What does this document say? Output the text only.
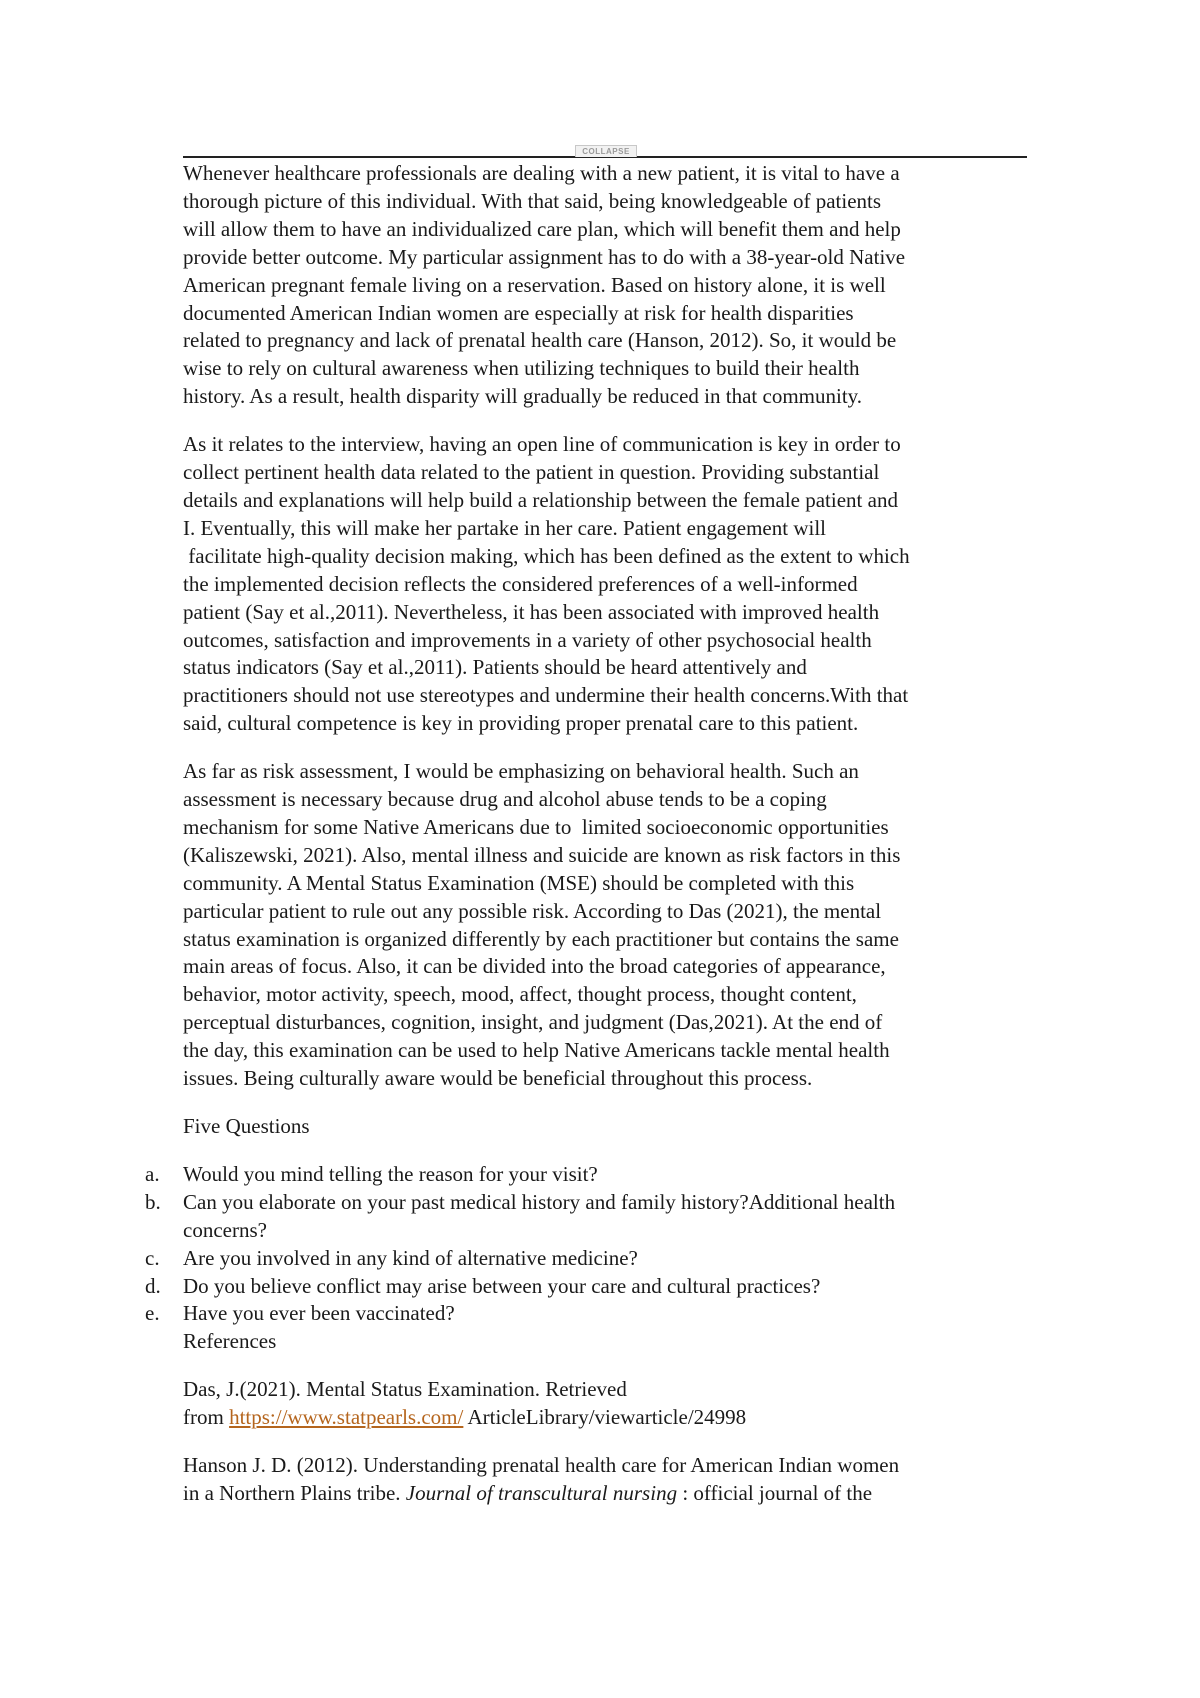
COLLAPSE

Whenever healthcare professionals are dealing with a new patient, it is vital to have a
thorough picture of this individual. With that said, being knowledgeable of patients
will allow them to have an individualized care plan, which will benefit them and help
provide better outcome. My particular assignment has to do with a 38-year-old Native
American pregnant female living on a reservation. Based on history alone, it is well
documented American Indian women are especially at risk for health disparities
related to pregnancy and lack of prenatal health care (Hanson, 2012). So, it would be
wise to rely on cultural awareness when utilizing techniques to build their health
history. As a result, health disparity will gradually be reduced in that community.

As it relates to the interview, having an open line of communication is key in order to
collect pertinent health data related to the patient in question. Providing substantial
details and explanations will help build a relationship between the female patient and
I. Eventually, this will make her partake in her care. Patient engagement will
facilitate high-quality decision making, which has been defined as the extent to which
the implemented decision reflects the considered preferences of a well-informed
patient (Say et al.,2011). Nevertheless, it has been associated with improved health
outcomes, satisfaction and improvements in a variety of other psychosocial health
status indicators (Say et al.,2011). Patients should be heard attentively and
practitioners should not use stereotypes and undermine their health concerns.With that
said, cultural competence is key in providing proper prenatal care to this patient.

As far as risk assessment, I would be emphasizing on behavioral health. Such an
assessment is necessary because drug and alcohol abuse tends to be a coping
mechanism for some Native Americans due to  limited socioeconomic opportunities
(Kaliszewski, 2021). Also, mental illness and suicide are known as risk factors in this
community. A Mental Status Examination (MSE) should be completed with this
particular patient to rule out any possible risk. According to Das (2021), the mental
status examination is organized differently by each practitioner but contains the same
main areas of focus. Also, it can be divided into the broad categories of appearance,
behavior, motor activity, speech, mood, affect, thought process, thought content,
perceptual disturbances, cognition, insight, and judgment (Das,2021). At the end of
the day, this examination can be used to help Native Americans tackle mental health
issues. Being culturally aware would be beneficial throughout this process.

Five Questions

a. Would you mind telling the reason for your visit?
b. Can you elaborate on your past medical history and family history?Additional health
concerns?
c. Are you involved in any kind of alternative medicine?
d. Do you believe conflict may arise between your care and cultural practices?
e. Have you ever been vaccinated?

References

Das, J.(2021). Mental Status Examination. Retrieved
from https://www.statpearls.com/ ArticleLibrary/viewarticle/24998

Hanson J. D. (2012). Understanding prenatal health care for American Indian women
in a Northern Plains tribe. Journal of transcultural nursing : official journal of the
